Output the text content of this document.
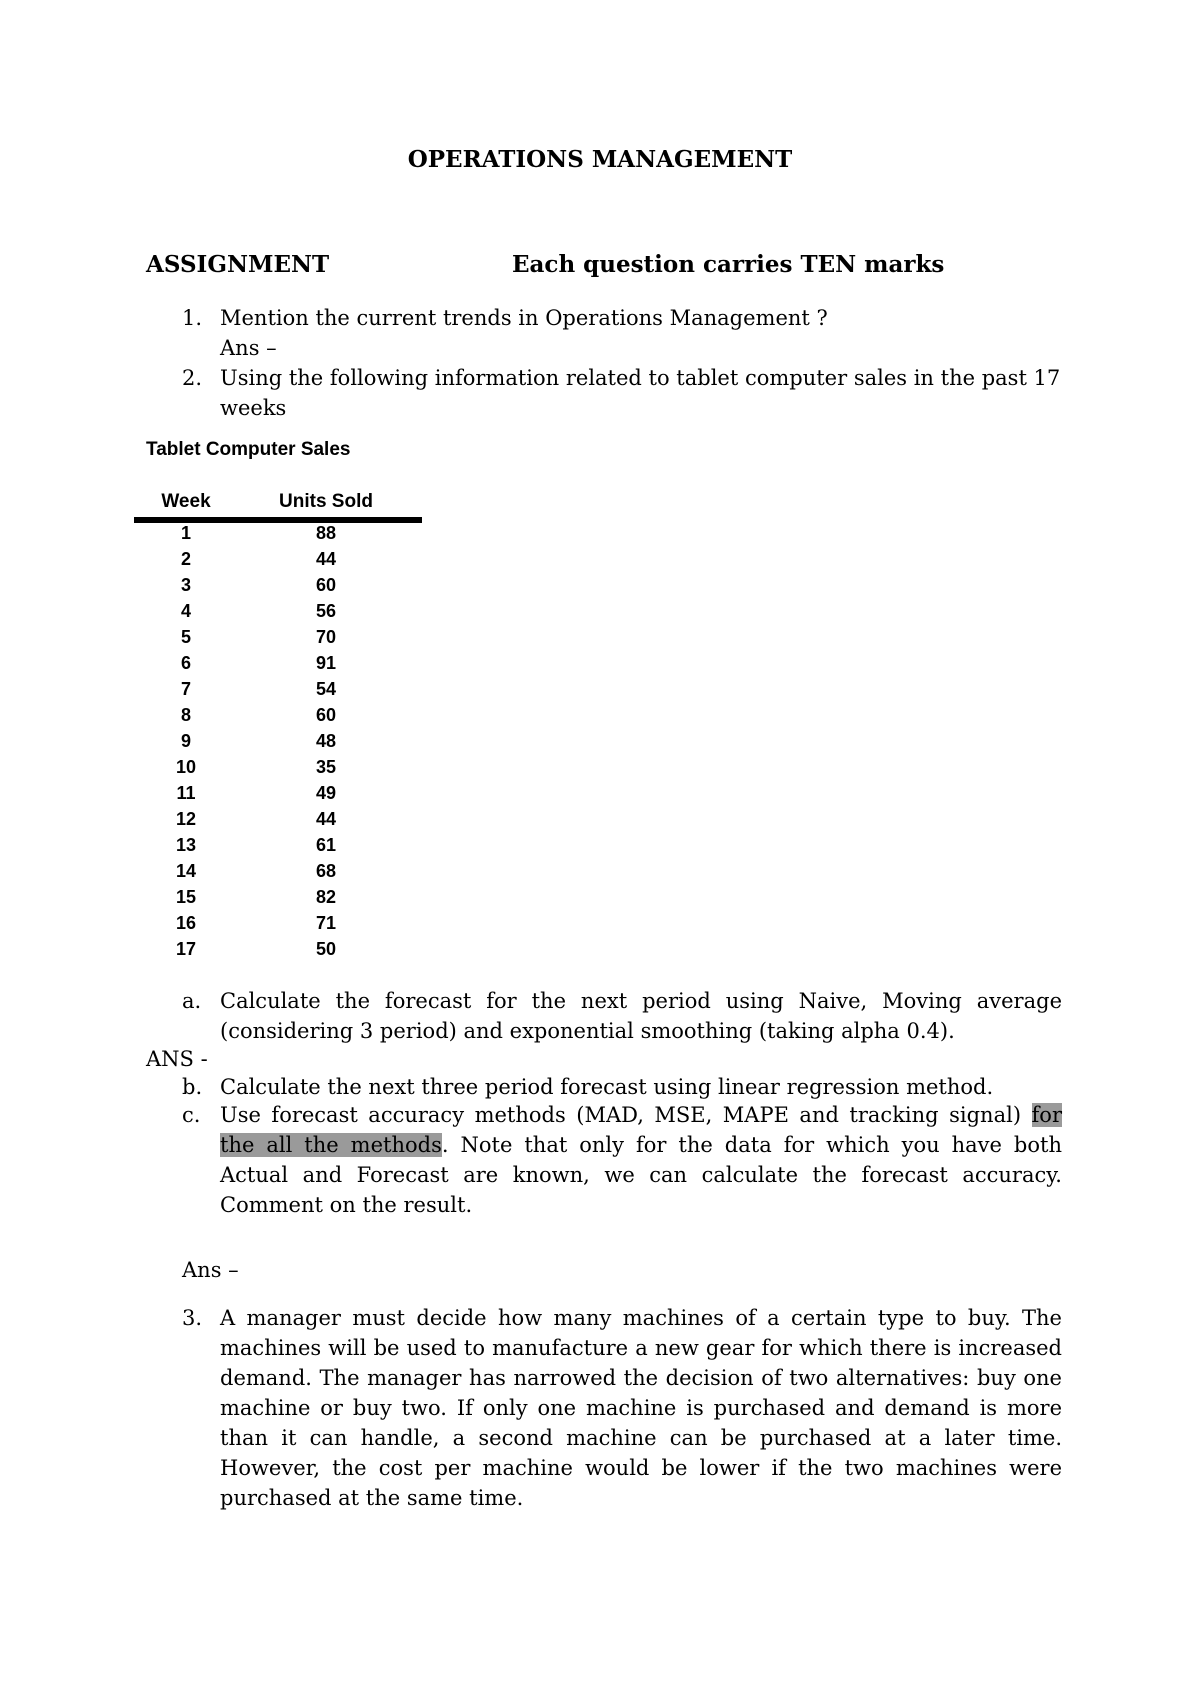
OPERATIONS MANAGEMENT
ASSIGNMENT	Each question carries TEN marks
1. Mention the current trends in Operations Management ?
Ans –
2. Using the following information related to tablet computer sales in the past 17
weeks
Tablet Computer Sales
Week	Units Sold
1	88
2	44
3	60
4	56
5	70
6	91
7	54
8	60
9	48
10	35
11	49
12	44
13	61
14	68
15	82
16	71
17	50
a. Calculate the forecast for the next period using Naive, Moving average (considering 3 period) and exponential smoothing (taking alpha 0.4).
ANS -
b. Calculate the next three period forecast using linear regression method.
c. Use forecast accuracy methods (MAD, MSE, MAPE and tracking signal) for the all the methods. Note that only for the data for which you have both Actual and Forecast are known, we can calculate the forecast accuracy. Comment on the result.
Ans –
3. A manager must decide how many machines of a certain type to buy. The machines will be used to manufacture a new gear for which there is increased demand. The manager has narrowed the decision of two alternatives: buy one machine or buy two. If only one machine is purchased and demand is more than it can handle, a second machine can be purchased at a later time. However, the cost per machine would be lower if the two machines were purchased at the same time.
